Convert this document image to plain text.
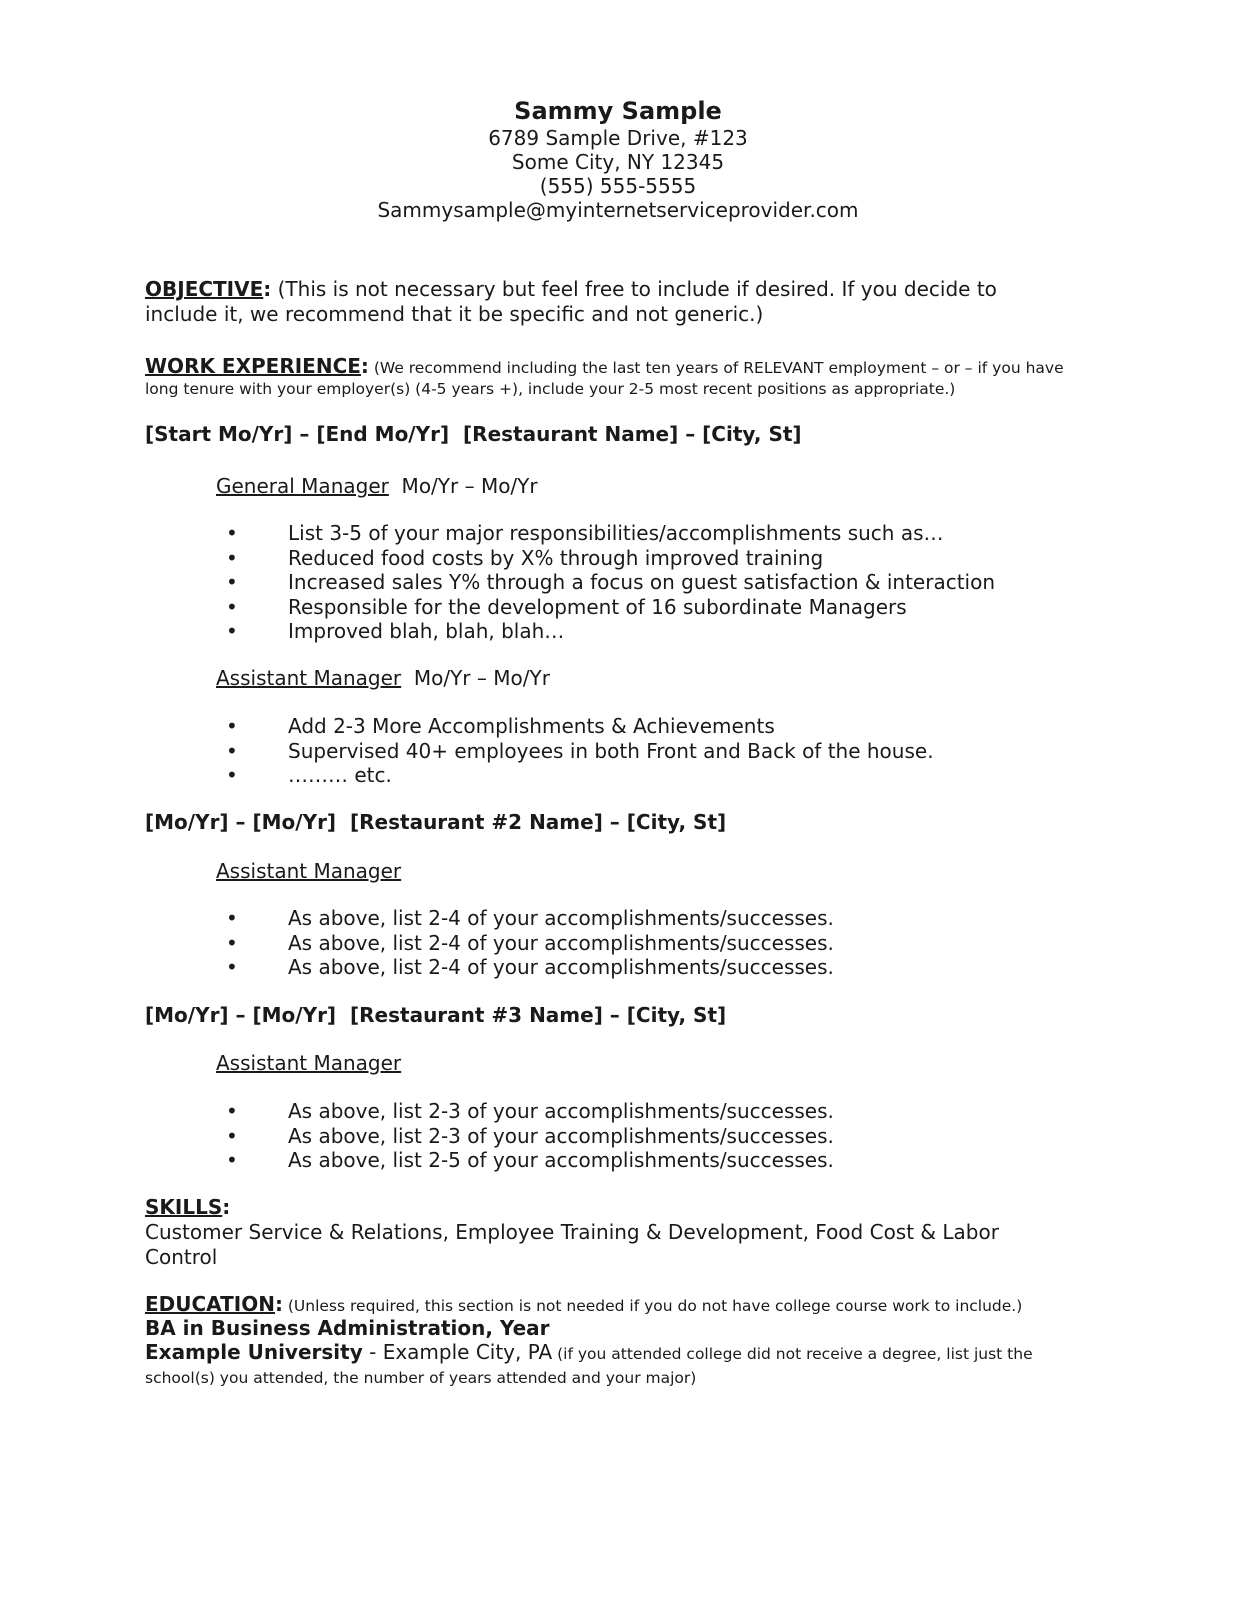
Sammy Sample
6789 Sample Drive, #123
Some City, NY 12345
(555) 555-5555
Sammysample@myinternetserviceprovider.com
OBJECTIVE: (This is not necessary but feel free to include if desired. If you decide to include it, we recommend that it be specific and not generic.)
WORK EXPERIENCE: (We recommend including the last ten years of RELEVANT employment – or – if you have long tenure with your employer(s) (4-5 years +), include your 2-5 most recent positions as appropriate.)
[Start Mo/Yr] – [End Mo/Yr]  [Restaurant Name] – [City, St]
General Manager  Mo/Yr – Mo/Yr
•	List 3-5 of your major responsibilities/accomplishments such as…
•	Reduced food costs by X% through improved training
•	Increased sales Y% through a focus on guest satisfaction & interaction
•	Responsible for the development of 16 subordinate Managers
•	Improved blah, blah, blah…
Assistant Manager  Mo/Yr – Mo/Yr
•	Add 2-3 More Accomplishments & Achievements
•	Supervised 40+ employees in both Front and Back of the house.
•	……… etc.
[Mo/Yr] – [Mo/Yr]  [Restaurant #2 Name] – [City, St]
Assistant Manager
•	As above, list 2-4 of your accomplishments/successes.
•	As above, list 2-4 of your accomplishments/successes.
•	As above, list 2-4 of your accomplishments/successes.
[Mo/Yr] – [Mo/Yr]  [Restaurant #3 Name] – [City, St]
Assistant Manager
•	As above, list 2-3 of your accomplishments/successes.
•	As above, list 2-3 of your accomplishments/successes.
•	As above, list 2-5 of your accomplishments/successes.
SKILLS:
Customer Service & Relations, Employee Training & Development, Food Cost & Labor Control
EDUCATION: (Unless required, this section is not needed if you do not have college course work to include.)
BA in Business Administration, Year
Example University - Example City, PA (if you attended college did not receive a degree, list just the school(s) you attended, the number of years attended and your major)
